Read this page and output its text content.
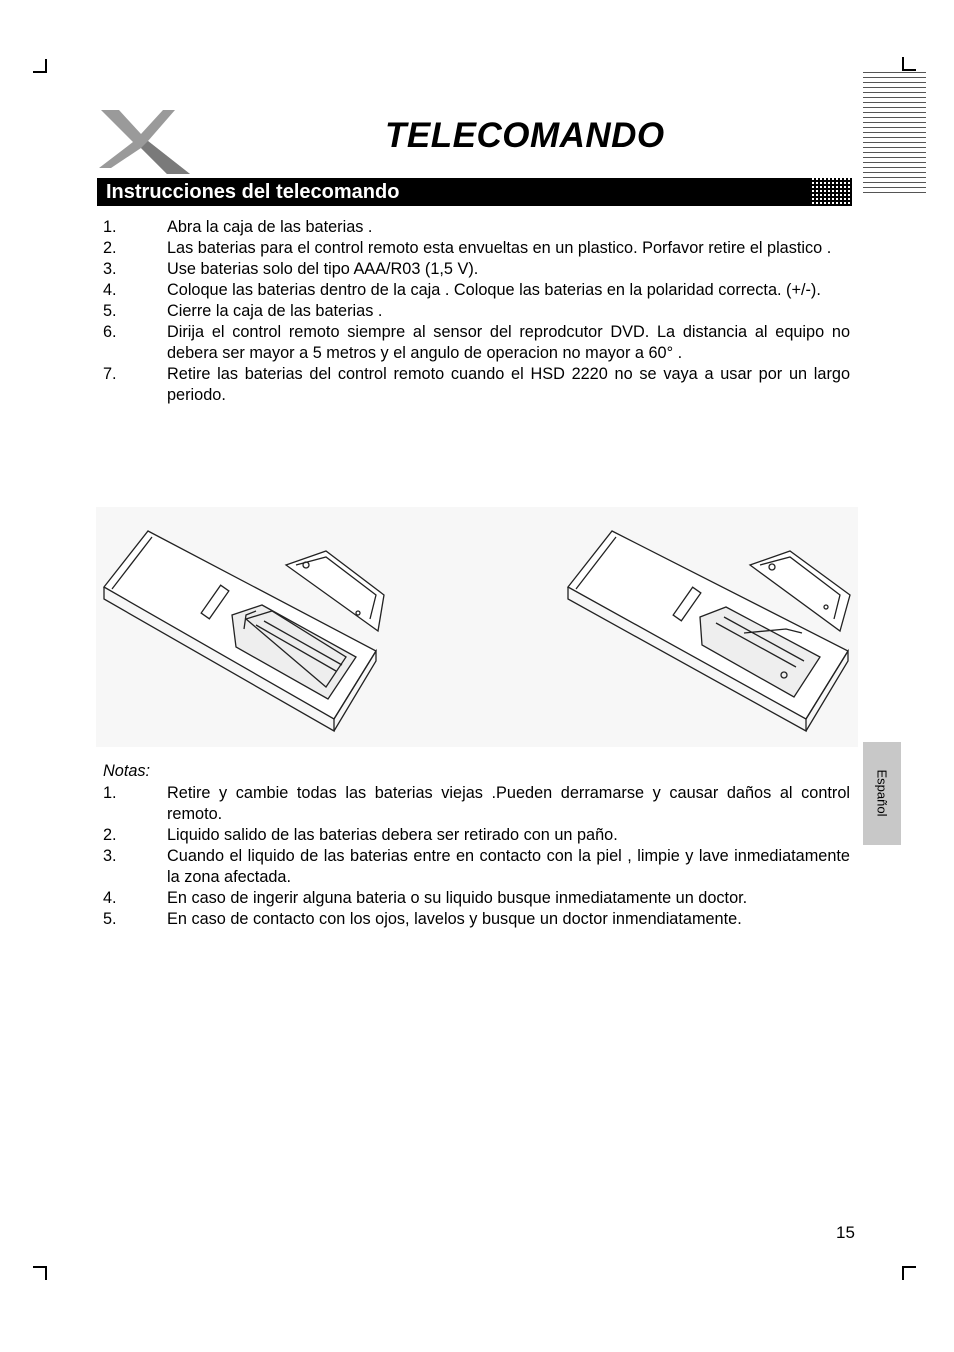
TELECOMANDO
Instrucciones del telecomando
1.	Abra la caja de las baterias .
2.	Las baterias para el control remoto esta envueltas en un plastico. Porfavor retire el plastico .
3.	Use baterias solo del tipo AAA/R03 (1,5 V).
4.	Coloque las baterias dentro de la caja . Coloque las baterias en la polaridad correcta. (+/-).
5.	Cierre la caja de las baterias .
6.	Dirija el control remoto siempre al sensor del reprodcutor DVD. La distancia al equipo no debera ser mayor a 5 metros y el angulo de operacion no mayor a 60° .
7.	Retire las baterias del control remoto cuando el HSD 2220 no se vaya a usar por un largo periodo.
Notas:
1.	Retire y cambie todas las baterias viejas .Pueden derramarse y causar daños al control remoto.
2.	Liquido salido de las baterias debera ser retirado con un paño.
3.	Cuando el liquido de las baterias entre en contacto con la piel , limpie y lave inmediatamente la zona afectada.
4.	En caso de ingerir alguna bateria o su liquido busque inmediatamente un doctor.
5.	En caso de contacto con los ojos, lavelos y busque un doctor inmendiatamente.
Español
15
